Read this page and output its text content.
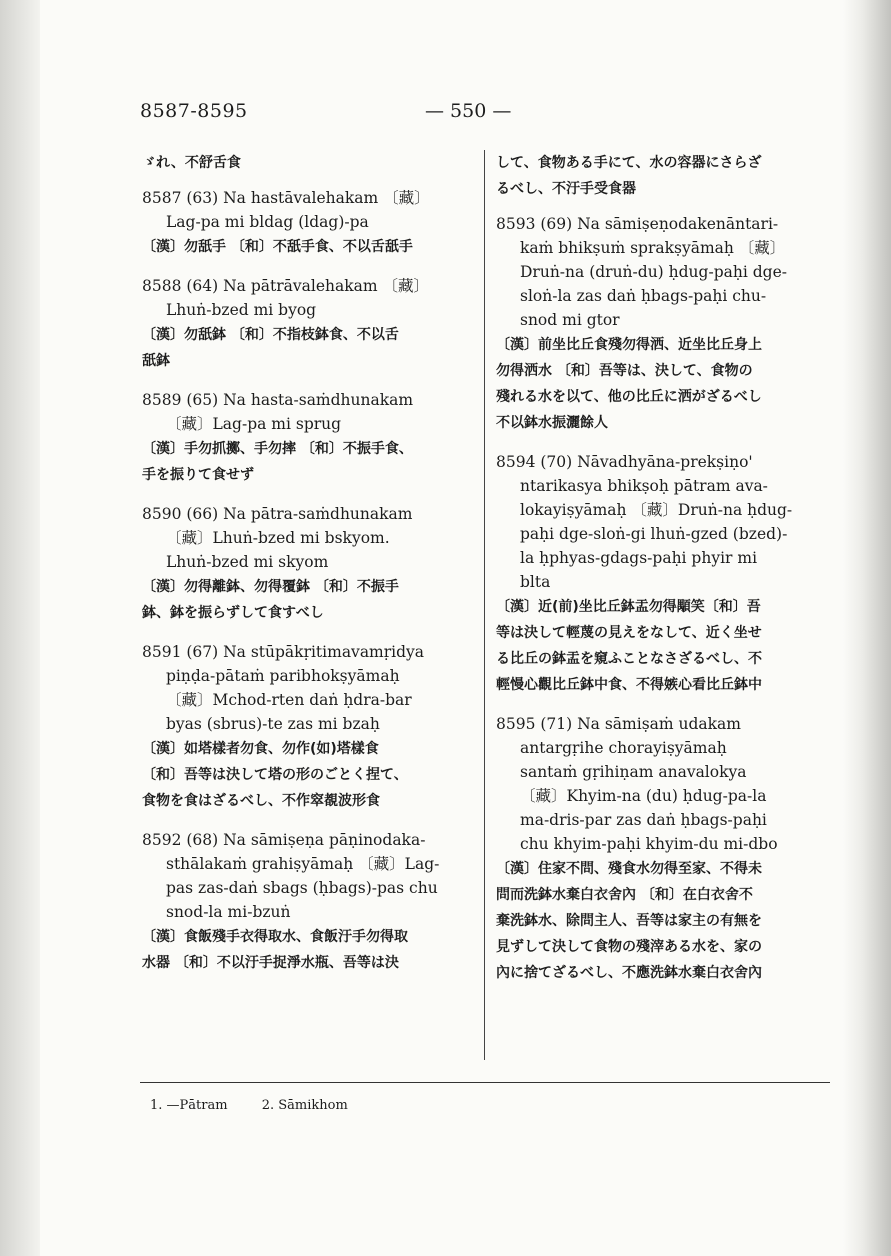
8587-8595	— 550 —
ゞれ、不舒舌食
8587 (63) Na hastāvalehakam 〔藏〕
Lag-pa mi bldag (ldag)-pa
〔漢〕勿舐手 〔和〕不舐手食、不以舌舐手
8588 (64) Na pātrāvalehakam 〔藏〕
Lhuṅ-bzed mi byog
〔漢〕勿舐鉢 〔和〕不指枝鉢食、不以舌
舐鉢
8589 (65) Na hasta-saṁdhunakam
〔藏〕Lag-pa mi sprug
〔漢〕手勿抓擲、手勿摔 〔和〕不振手食、
手を振りて食せず
8590 (66) Na pātra-saṁdhunakam
〔藏〕Lhuṅ-bzed mi bskyom.
Lhuṅ-bzed mi skyom
〔漢〕勿得離鉢、勿得覆鉢 〔和〕不振手
鉢、鉢を振らずして食すべし
8591 (67) Na stūpākṛitimavamṛidya
piṇḍa-pātaṁ paribhokṣyāmaḥ
〔藏〕Mchod-rten daṅ ḥdra-bar
byas (sbrus)-te zas mi bzaḥ
〔漢〕如塔樣者勿食、勿作(如)塔樣食
〔和〕吾等は決して塔の形のごとく捏て、
食物を食はざるべし、不作窣覩波形食
8592 (68) Na sāmiṣeṇa pāṇinodaka-
sthālakaṁ grahiṣyāmaḥ 〔藏〕Lag-
pas zas-daṅ sbags (ḥbags)-pas chu
snod-la mi-bzuṅ
〔漢〕食飯殘手衣得取水、食飯汙手勿得取
水器 〔和〕不以汙手捉淨水瓶、吾等は決
して、食物ある手にて、水の容器にさらざ
るべし、不汙手受食器
8593 (69) Na sāmiṣeṇodakenāntari-
kaṁ bhikṣuṁ sprakṣyāmaḥ 〔藏〕
Druṅ-na (druṅ-du) ḥdug-paḥi dge-
sloṅ-la zas daṅ ḥbags-paḥi chu-
snod mi gtor
〔漢〕前坐比丘食殘勿得洒、近坐比丘身上
勿得洒水 〔和〕吾等は、決して、食物の
殘れる水を以て、他の比丘に洒がざるべし
不以鉢水振灑餘人
8594 (70) Nāvadhyāna-prekṣiṇo'
ntarikasya bhikṣoḥ pātram ava-
lokayiṣyāmaḥ 〔藏〕Druṅ-na ḥdug-
paḥi dge-sloṅ-gi lhuṅ-gzed (bzed)-
la ḥphyas-gdags-paḥi phyir mi
blta
〔漢〕近(前)坐比丘鉢盂勿得顒笑〔和〕吾
等は決して輕蔑の見えをなして、近く坐せ
る比丘の鉢盂を窺ふことなさざるべし、不
輕慢心觀比丘鉢中食、不得嫉心看比丘鉢中
8595 (71) Na sāmiṣaṁ udakam
antargṛihe chorayiṣyāmaḥ
santaṁ gṛihiṇam anavalokya
〔藏〕Khyim-na (du) ḥdug-pa-la
ma-dris-par zas daṅ ḥbags-paḥi
chu khyim-paḥi khyim-du mi-dbo
〔漢〕住家不問、殘食水勿得至家、不得未
問而洗鉢水棄白衣舍內 〔和〕在白衣舍不
棄洗鉢水、除問主人、吾等は家主の有無を
見ずして決して食物の殘滓ある水を、家の
內に捨てざるべし、不應洗鉢水棄白衣舍內
1. —Pātram	2. Sāmikhom
